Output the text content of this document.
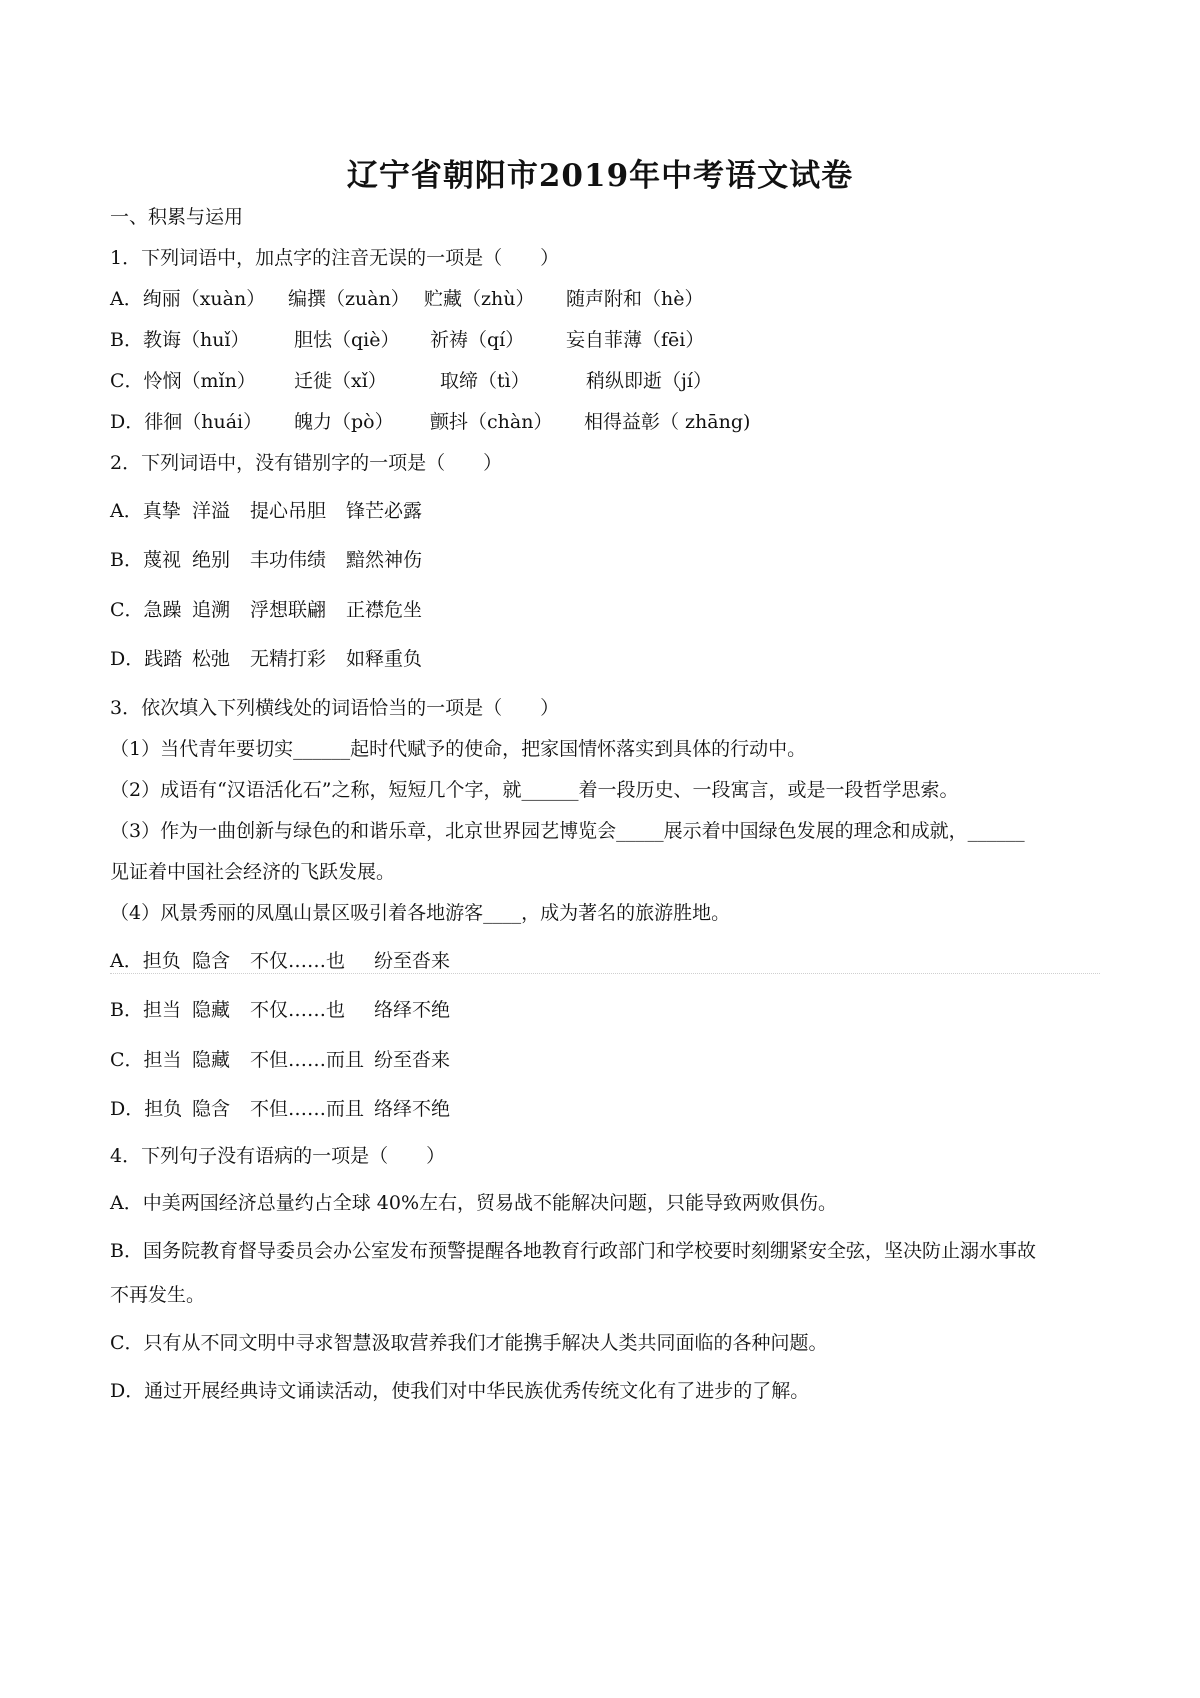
辽宁省朝阳市2019年中考语文试卷
一、积累与运用
1．下列词语中，加点字的注音无误的一项是（　　）
A．绚丽（xuàn） 编撰（zuàn） 贮藏（zhù） 随声附和（hè）
B．教诲（huǐ） 胆怯（qiè） 祈祷（qí） 妄自菲薄（fēi）
C．怜悯（mǐn） 迁徙（xǐ）	取缔（tì）	稍纵即逝（jí）
D．徘徊（huái） 魄力（pò） 颤抖（chàn） 相得益彰（ zhāng)
2．下列词语中，没有错别字的一项是（　　）
A．真挚 洋溢 提心吊胆 锋芒必露
B．蔑视 绝别 丰功伟绩 黯然神伤
C．急躁 追溯 浮想联翩 正襟危坐
D．践踏 松弛 无精打彩 如释重负
3．依次填入下列横线处的词语恰当的一项是（　　）
（1）当代青年要切实______起时代赋予的使命，把家国情怀落实到具体的行动中。
（2）成语有“汉语活化石”之称，短短几个字，就______着一段历史、一段寓言，或是一段哲学思索。
（3）作为一曲创新与绿色的和谐乐章，北京世界园艺博览会_____展示着中国绿色发展的理念和成就，______
见证着中国社会经济的飞跃发展。
（4）风景秀丽的凤凰山景区吸引着各地游客____，成为著名的旅游胜地。
A．担负 隐含 不仅……也 纷至沓来
B．担当 隐藏 不仅……也 络绎不绝
C．担当 隐藏 不但……而且 纷至沓来
D．担负 隐含 不但……而且 络绎不绝
4．下列句子没有语病的一项是（　　）
A．中美两国经济总量约占全球 40%左右，贸易战不能解决问题，只能导致两败俱伤。
B．国务院教育督导委员会办公室发布预警提醒各地教育行政部门和学校要时刻绷紧安全弦，坚决防止溺水事故
不再发生。
C．只有从不同文明中寻求智慧汲取营养我们才能携手解决人类共同面临的各种问题。
D．通过开展经典诗文诵读活动，使我们对中华民族优秀传统文化有了进步的了解。
